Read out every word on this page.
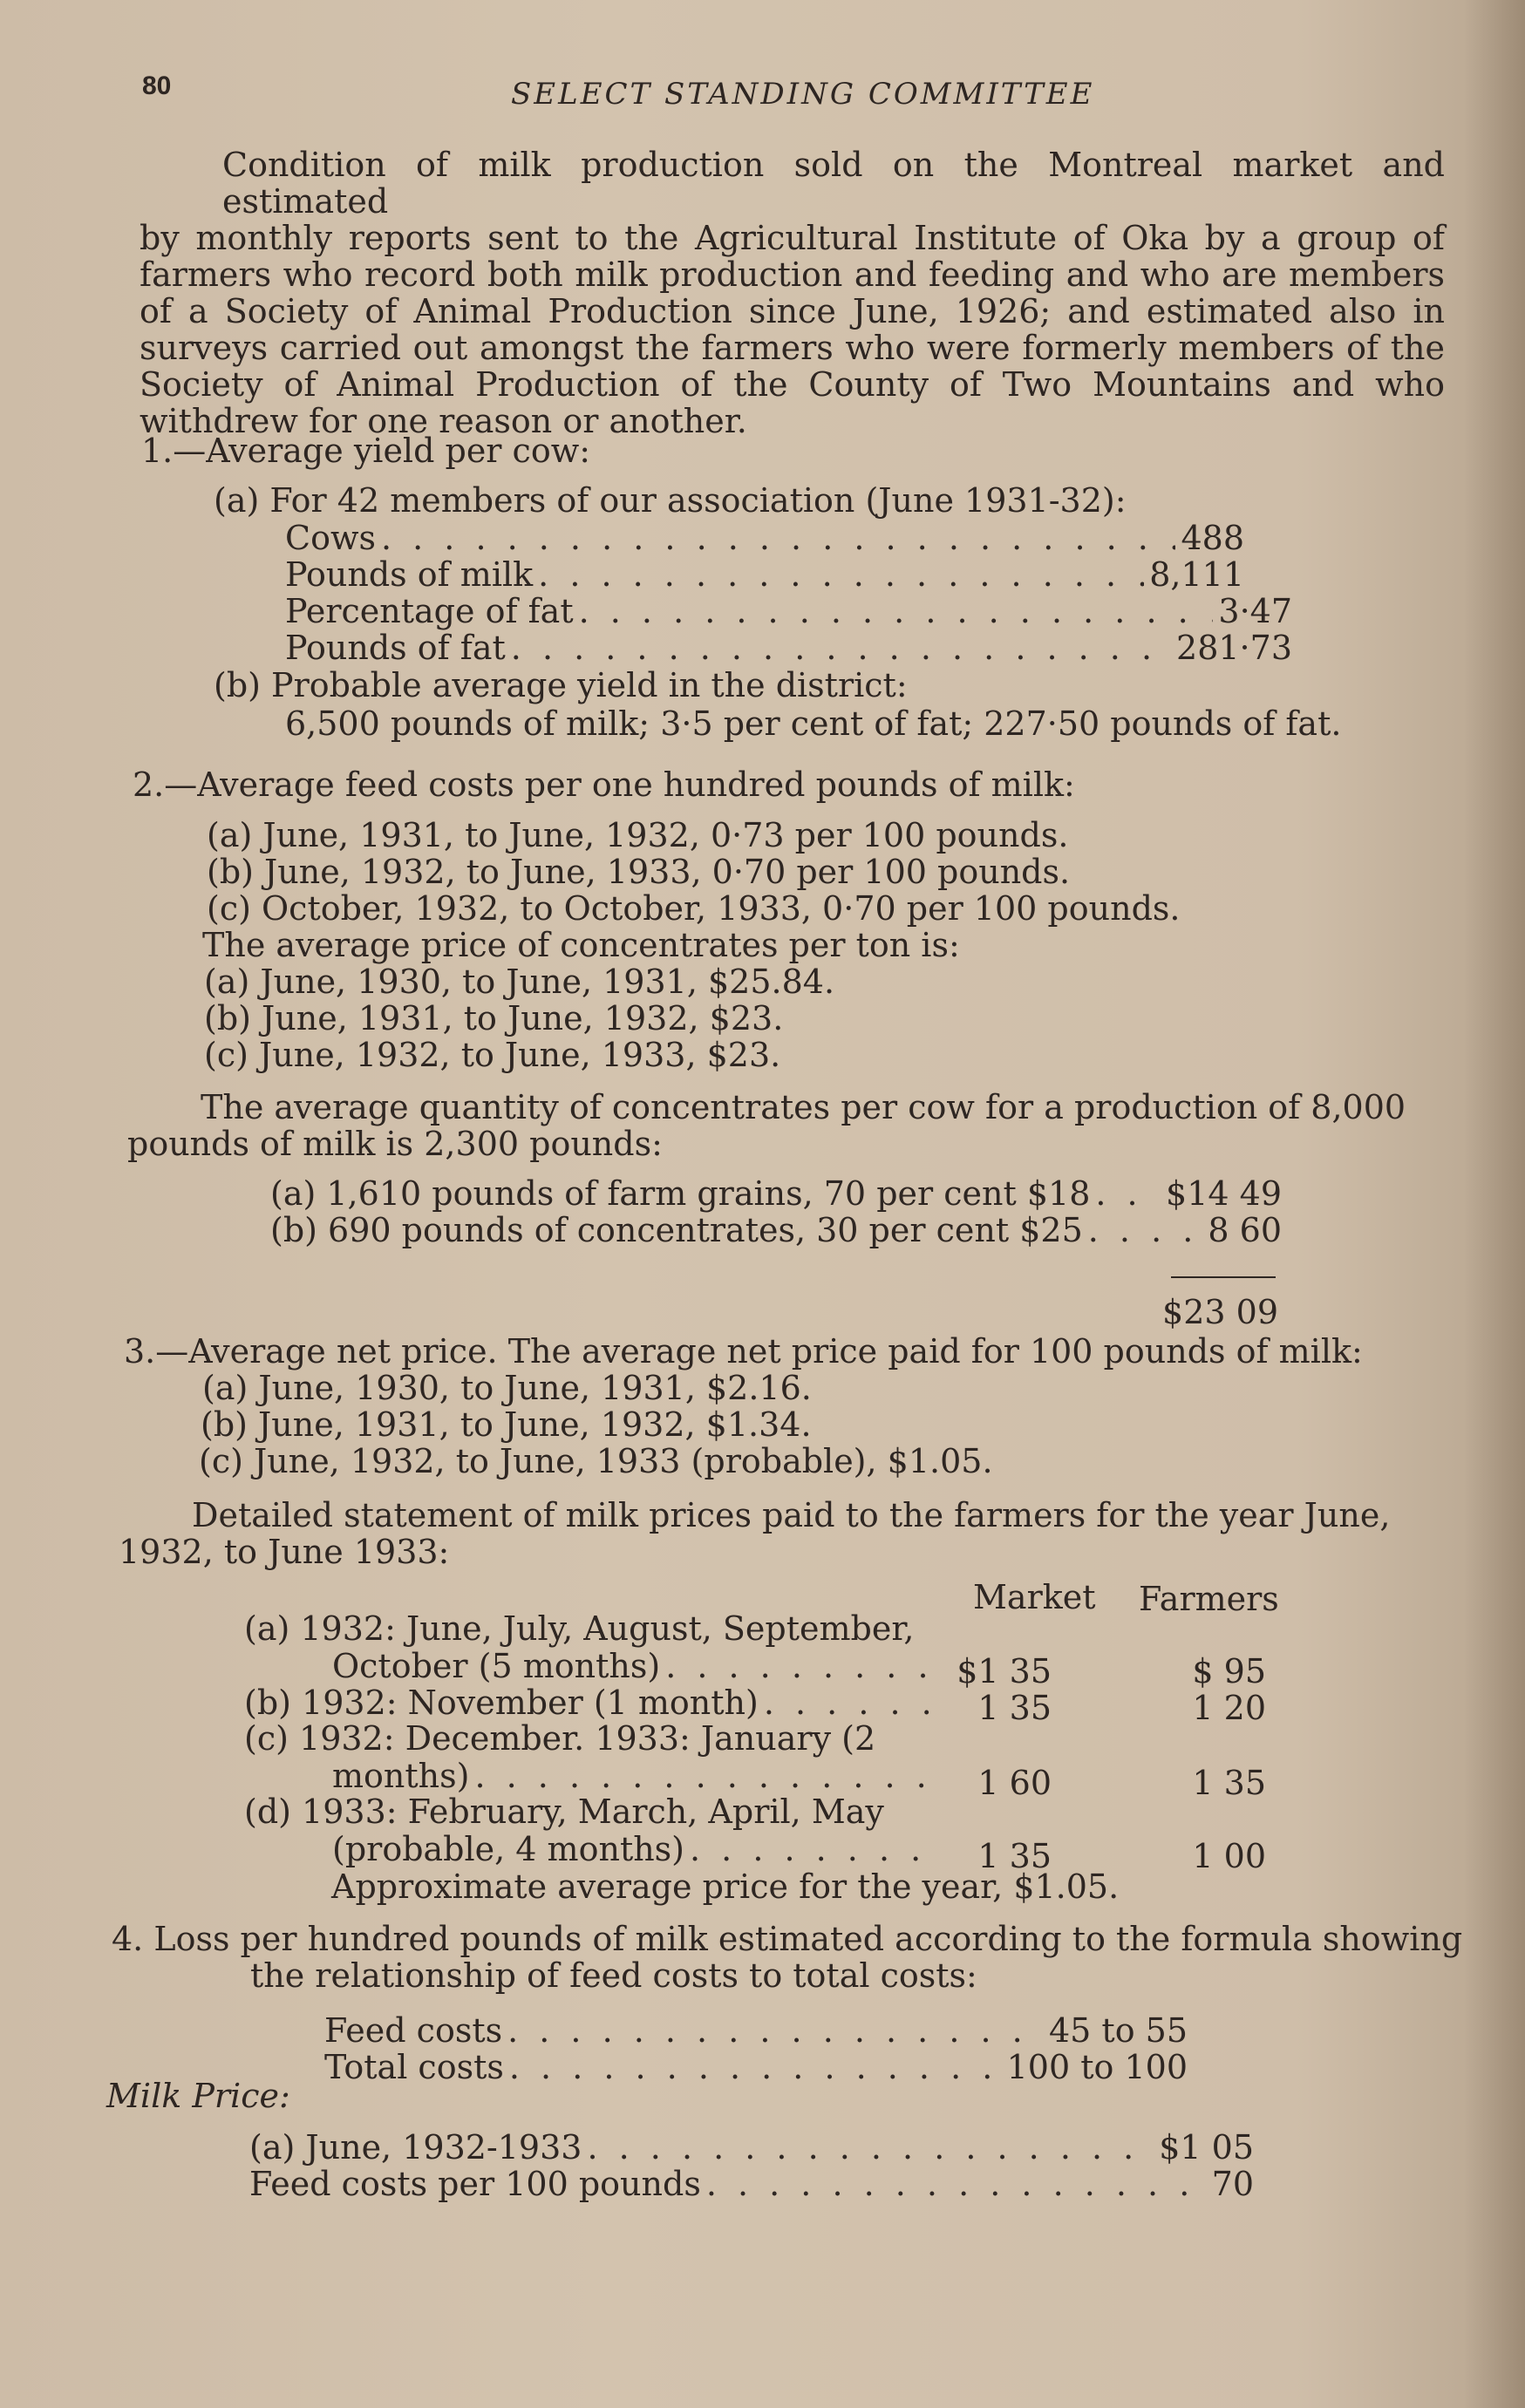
80	SELECT STANDING COMMITTEE
Condition of milk production sold on the Montreal market and estimated
by monthly reports sent to the Agricultural Institute of Oka by a group of
farmers who record both milk production and feeding and who are members
of a Society of Animal Production since June, 1926; and estimated also in
surveys carried out amongst the farmers who were formerly members of the
Society of Animal Production of the County of Two Mountains and who
withdrew for one reason or another.
1.—Average yield per cow:
(a) For 42 members of our association (June 1931-32):
Cows . . .	488
Pounds of milk . . .	8,111
Percentage of fat . . .	3·47
Pounds of fat . . .	281·73
(b) Probable average yield in the district:
6,500 pounds of milk; 3·5 per cent of fat; 227·50 pounds of fat.
2.—Average feed costs per one hundred pounds of milk:
(a) June, 1931, to June, 1932, 0·73 per 100 pounds.
(b) June, 1932, to June, 1933, 0·70 per 100 pounds.
(c) October, 1932, to October, 1933, 0·70 per 100 pounds.
The average price of concentrates per ton is:
(a) June, 1930, to June, 1931, $25.84.
(b) June, 1931, to June, 1932, $23.
(c) June, 1932, to June, 1933, $23.
The average quantity of concentrates per cow for a production of 8,000
pounds of milk is 2,300 pounds:
(a) 1,610 pounds of farm grains, 70 per cent $18 . . . $14 49
(b) 690 pounds of concentrates, 30 per cent $25 . . .	8 60
$23 09
3.—Average net price. The average net price paid for 100 pounds of milk:
(a) June, 1930, to June, 1931, $2.16.
(b) June, 1931, to June, 1932, $1.34.
(c) June, 1932, to June, 1933 (probable), $1.05.
Detailed statement of milk prices paid to the farmers for the year June,
1932, to June 1933:
Market Farmers
(a) 1932: June, July, August, September,
October (5 months) . . .	$1 35	$ 95
(b) 1932: November (1 month) . . .	1 35	1 20
(c) 1932: December. 1933: January (2
months) . . .	1 60	1 35
(d) 1933: February, March, April, May
(probable, 4 months) . . .	1 35	1 00
Approximate average price for the year, $1.05.
4. Loss per hundred pounds of milk estimated according to the formula showing
the relationship of feed costs to total costs:
Feed costs . . .	45 to 55
Total costs . . .	100 to 100
Milk Price:
(a) June, 1932-1933 . . .	$1 05
Feed costs per 100 pounds . . .	70
